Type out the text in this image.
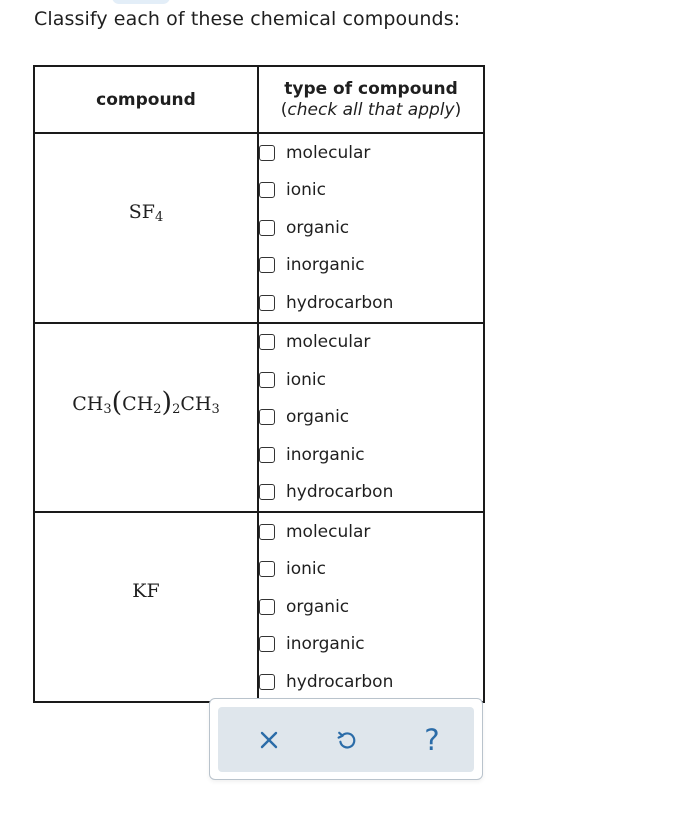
Classify each of these chemical compounds:
compound	type of compound
(check all that apply)

$SF_4$	molecular
ionic
organic
inorganic
hydrocarbon

$CH_3(CH_2)_2CH_3$	molecular
ionic
organic
inorganic
hydrocarbon

KF	molecular
ionic
organic
inorganic
hydrocarbon
?
